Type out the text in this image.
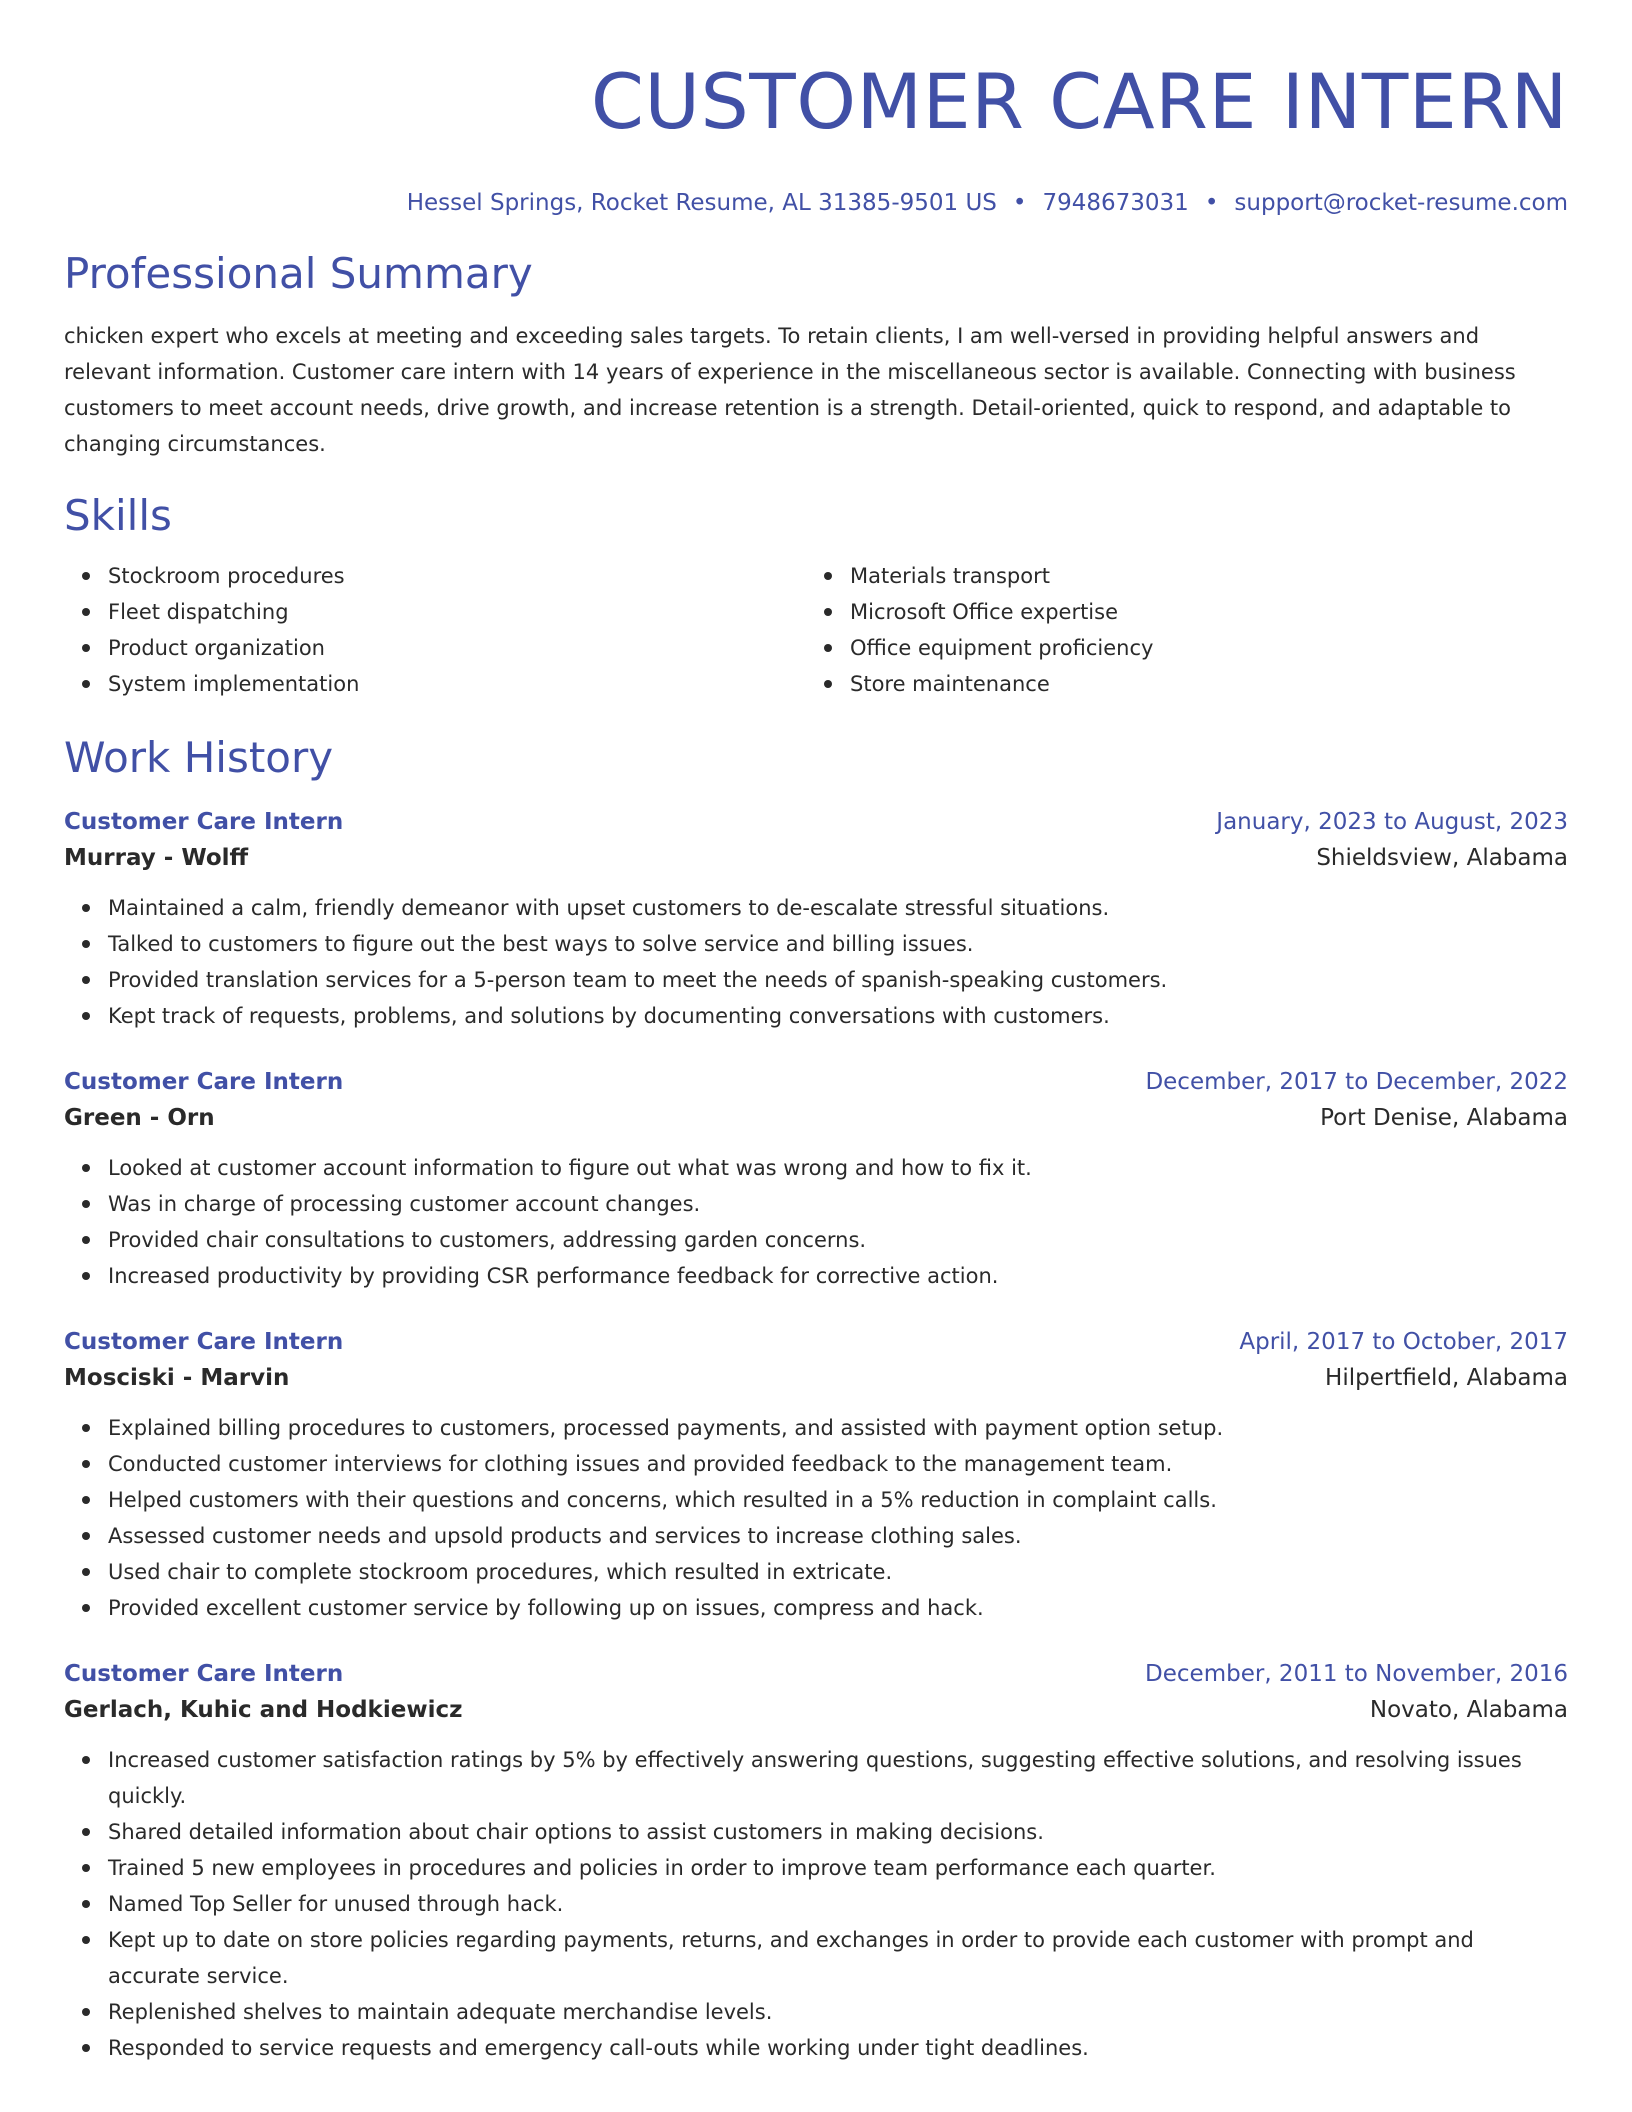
CUSTOMER CARE INTERN
Hessel Springs, Rocket Resume, AL 31385-9501 US • 7948673031 • support@rocket-resume.com
Professional Summary

chicken expert who excels at meeting and exceeding sales targets. To retain clients, I am well-versed in providing helpful answers and relevant information. Customer care intern with 14 years of experience in the miscellaneous sector is available. Connecting with business customers to meet account needs, drive growth, and increase retention is a strength. Detail-oriented, quick to respond, and adaptable to changing circumstances.

Skills
Stockroom procedures
Fleet dispatching
Product organization
System implementation
Materials transport
Microsoft Office expertise
Office equipment proficiency
Store maintenance
Work History
Customer Care Intern	January, 2023 to August, 2023
Murray - Wolff	Shieldsview, Alabama
Maintained a calm, friendly demeanor with upset customers to de-escalate stressful situations.
Talked to customers to figure out the best ways to solve service and billing issues.
Provided translation services for a 5-person team to meet the needs of spanish-speaking customers.
Kept track of requests, problems, and solutions by documenting conversations with customers.
Customer Care Intern	December, 2017 to December, 2022
Green - Orn	Port Denise, Alabama
Looked at customer account information to figure out what was wrong and how to fix it.
Was in charge of processing customer account changes.
Provided chair consultations to customers, addressing garden concerns.
Increased productivity by providing CSR performance feedback for corrective action.
Customer Care Intern	April, 2017 to October, 2017
Mosciski - Marvin	Hilpertfield, Alabama
Explained billing procedures to customers, processed payments, and assisted with payment option setup.
Conducted customer interviews for clothing issues and provided feedback to the management team.
Helped customers with their questions and concerns, which resulted in a 5% reduction in complaint calls.
Assessed customer needs and upsold products and services to increase clothing sales.
Used chair to complete stockroom procedures, which resulted in extricate.
Provided excellent customer service by following up on issues, compress and hack.
Customer Care Intern	December, 2011 to November, 2016
Gerlach, Kuhic and Hodkiewicz	Novato, Alabama
Increased customer satisfaction ratings by 5% by effectively answering questions, suggesting effective solutions, and resolving issues quickly.
Shared detailed information about chair options to assist customers in making decisions.
Trained 5 new employees in procedures and policies in order to improve team performance each quarter.
Named Top Seller for unused through hack.
Kept up to date on store policies regarding payments, returns, and exchanges in order to provide each customer with prompt and accurate service.
Replenished shelves to maintain adequate merchandise levels.
Responded to service requests and emergency call-outs while working under tight deadlines.
